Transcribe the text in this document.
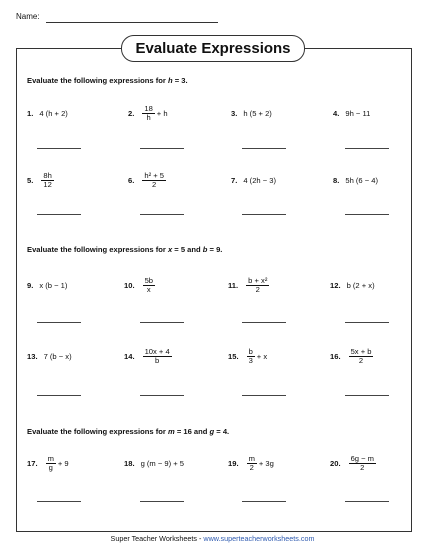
Name:
Evaluate Expressions
Evaluate the following expressions for h = 3.
1. 4 (h + 2)	2. $\frac{18}{h} + h$	3. h (5 + 2)	4. 9h − 11
5. $\frac{8h}{12}$	6. $\frac{\text{h² + 5}}{2}$	7. 4 (2h − 3)	8. 5h (6 − 4)
Evaluate the following expressions for x = 5 and b = 9.
9. x (b − 1)	10. $\frac{5b}{x}$	11. $\frac{\text{b + x²}}{2}$	12. b (2 + x)
13. 7 (b − x)	14. $\frac{10x + 4}{b}$	15. $\frac{b}{3} + x$	16. $\frac{5x + b}{2}$
Evaluate the following expressions for m = 16 and g = 4.
17. $\frac{m}{g} + 9$	18. g (m − 9) + 5	19. $\frac{m}{2} + 3g$	20. $\frac{6g - m}{2}$
Super Teacher Worksheets - www.superteacherworksheets.com
